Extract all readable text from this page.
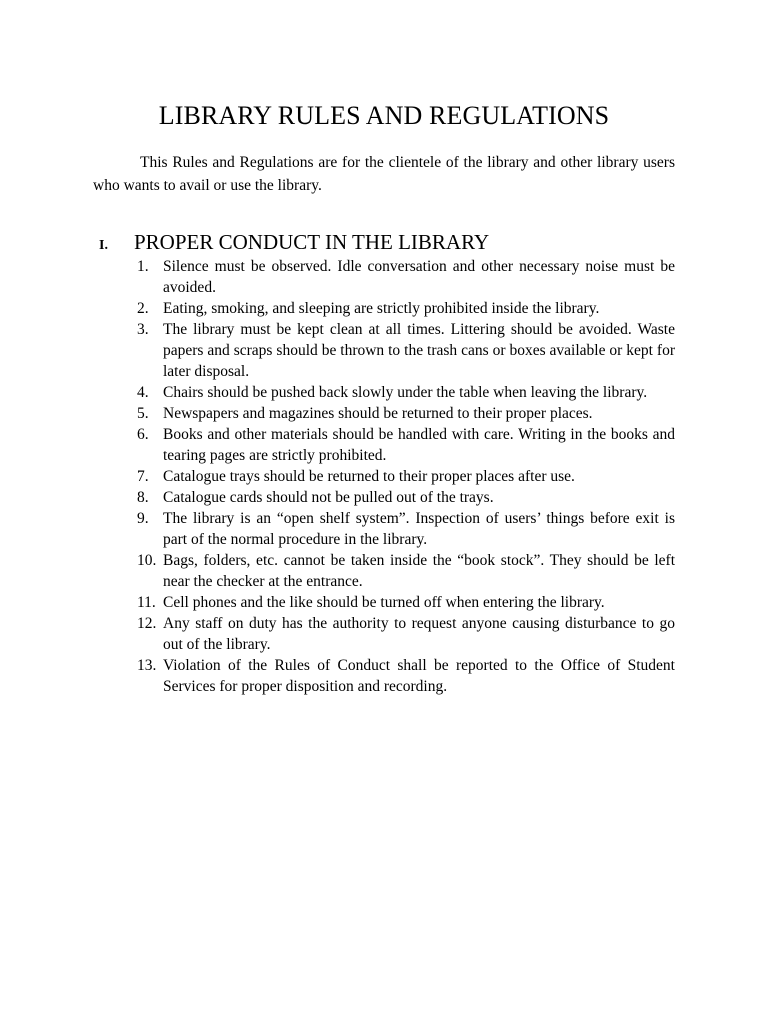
LIBRARY RULES AND REGULATIONS

This Rules and Regulations are for the clientele of the library and other library users who wants to avail or use the library.

I. PROPER CONDUCT IN THE LIBRARY
1. Silence must be observed. Idle conversation and other necessary noise must be avoided.
2. Eating, smoking, and sleeping are strictly prohibited inside the library.
3. The library must be kept clean at all times. Littering should be avoided. Waste papers and scraps should be thrown to the trash cans or boxes available or kept for later disposal.
4. Chairs should be pushed back slowly under the table when leaving the library.
5. Newspapers and magazines should be returned to their proper places.
6. Books and other materials should be handled with care. Writing in the books and tearing pages are strictly prohibited.
7. Catalogue trays should be returned to their proper places after use.
8. Catalogue cards should not be pulled out of the trays.
9. The library is an “open shelf system”. Inspection of users’ things before exit is part of the normal procedure in the library.
10. Bags, folders, etc. cannot be taken inside the “book stock”. They should be left near the checker at the entrance.
11. Cell phones and the like should be turned off when entering the library.
12. Any staff on duty has the authority to request anyone causing disturbance to go out of the library.
13. Violation of the Rules of Conduct shall be reported to the Office of Student Services for proper disposition and recording.
